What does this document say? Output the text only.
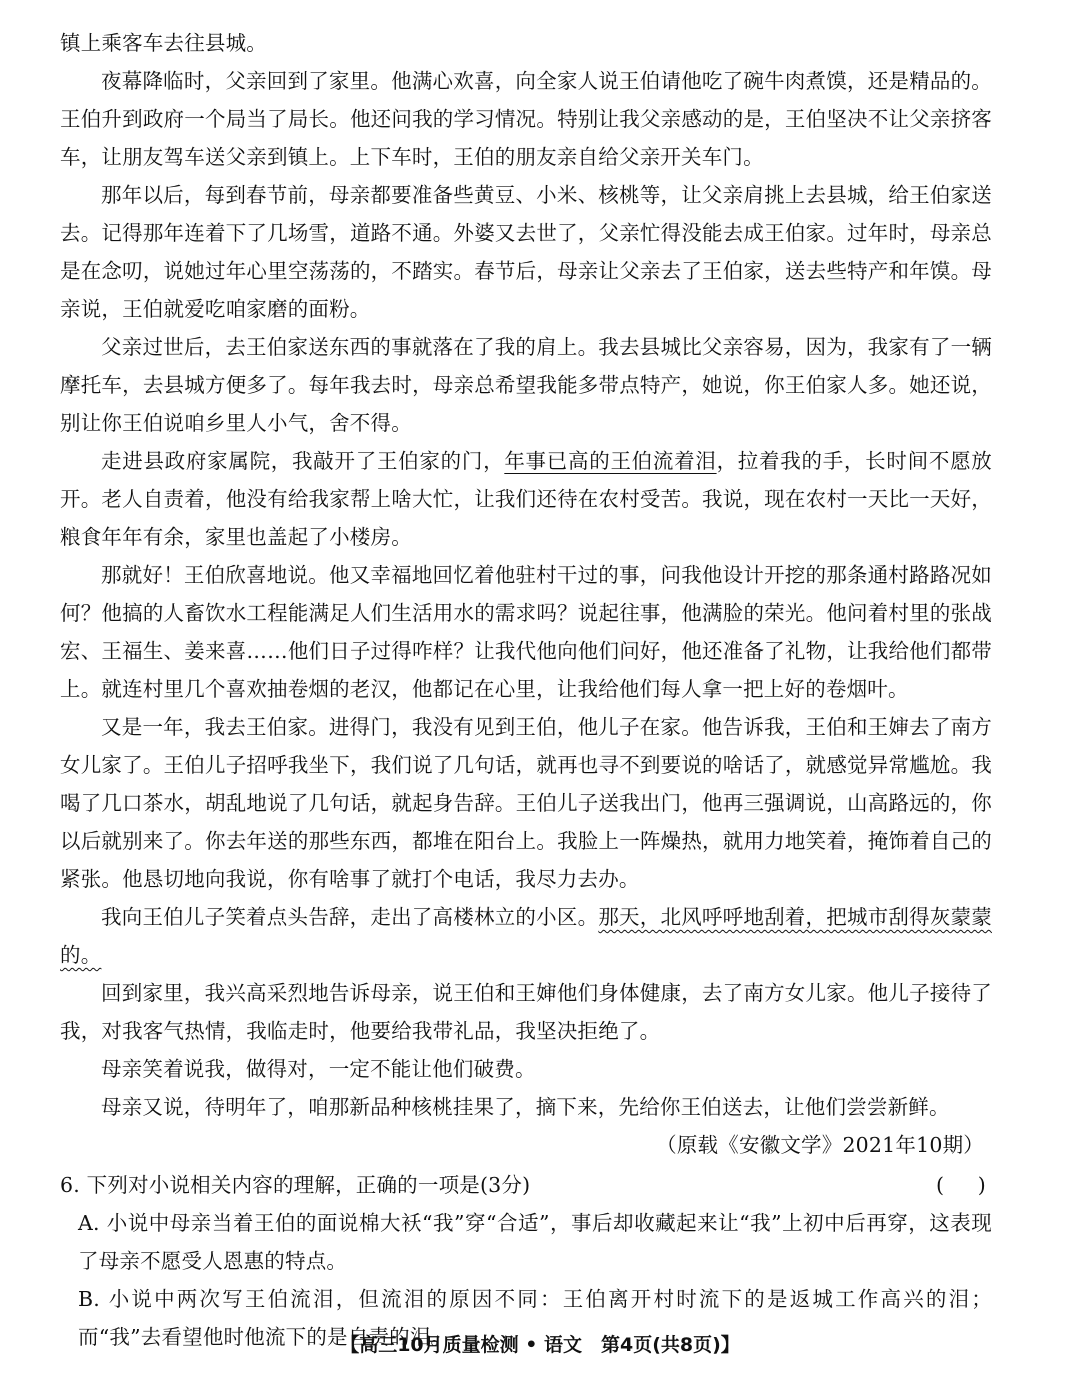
镇上乘客车去往县城。

夜幕降临时，父亲回到了家里。他满心欢喜，向全家人说王伯请他吃了碗牛肉煮馍，还是精品的。王伯升到政府一个局当了局长。他还问我的学习情况。特别让我父亲感动的是，王伯坚决不让父亲挤客车，让朋友驾车送父亲到镇上。上下车时，王伯的朋友亲自给父亲开关车门。

那年以后，每到春节前，母亲都要准备些黄豆、小米、核桃等，让父亲肩挑上去县城，给王伯家送去。记得那年连着下了几场雪，道路不通。外婆又去世了，父亲忙得没能去成王伯家。过年时，母亲总是在念叨，说她过年心里空荡荡的，不踏实。春节后，母亲让父亲去了王伯家，送去些特产和年馍。母亲说，王伯就爱吃咱家磨的面粉。

父亲过世后，去王伯家送东西的事就落在了我的肩上。我去县城比父亲容易，因为，我家有了一辆摩托车，去县城方便多了。每年我去时，母亲总希望我能多带点特产，她说，你王伯家人多。她还说，别让你王伯说咱乡里人小气，舍不得。

走进县政府家属院，我敲开了王伯家的门，年事已高的王伯流着泪，拉着我的手，长时间不愿放开。老人自责着，他没有给我家帮上啥大忙，让我们还待在农村受苦。我说，现在农村一天比一天好，粮食年年有余，家里也盖起了小楼房。

那就好！王伯欣喜地说。他又幸福地回忆着他驻村干过的事，问我他设计开挖的那条通村路路况如何？他搞的人畜饮水工程能满足人们生活用水的需求吗？说起往事，他满脸的荣光。他问着村里的张战宏、王福生、姜来喜……他们日子过得咋样？让我代他向他们问好，他还准备了礼物，让我给他们都带上。就连村里几个喜欢抽卷烟的老汉，他都记在心里，让我给他们每人拿一把上好的卷烟叶。

又是一年，我去王伯家。进得门，我没有见到王伯，他儿子在家。他告诉我，王伯和王婶去了南方女儿家了。王伯儿子招呼我坐下，我们说了几句话，就再也寻不到要说的啥话了，就感觉异常尴尬。我喝了几口茶水，胡乱地说了几句话，就起身告辞。王伯儿子送我出门，他再三强调说，山高路远的，你以后就别来了。你去年送的那些东西，都堆在阳台上。我脸上一阵燥热，就用力地笑着，掩饰着自己的紧张。他恳切地向我说，你有啥事了就打个电话，我尽力去办。

我向王伯儿子笑着点头告辞，走出了高楼林立的小区。那天，北风呼呼地刮着，把城市刮得灰蒙蒙的。

回到家里，我兴高采烈地告诉母亲，说王伯和王婶他们身体健康，去了南方女儿家。他儿子接待了我，对我客气热情，我临走时，他要给我带礼品，我坚决拒绝了。

母亲笑着说我，做得对，一定不能让他们破费。

母亲又说，待明年了，咱那新品种核桃挂果了，摘下来，先给你王伯送去，让他们尝尝新鲜。

（原载《安徽文学》2021年10期）

6. 下列对小说相关内容的理解，正确的一项是(3分)	(     )

A. 小说中母亲当着王伯的面说棉大袄“我”穿“合适”，事后却收藏起来让“我”上初中后再穿，这表现了母亲不愿受人恩惠的特点。

B. 小说中两次写王伯流泪，但流泪的原因不同：王伯离开村时流下的是返城工作高兴的泪；而“我”去看望他时他流下的是自责的泪。

【高三10月质量检测 • 语文　第4页(共8页)】
